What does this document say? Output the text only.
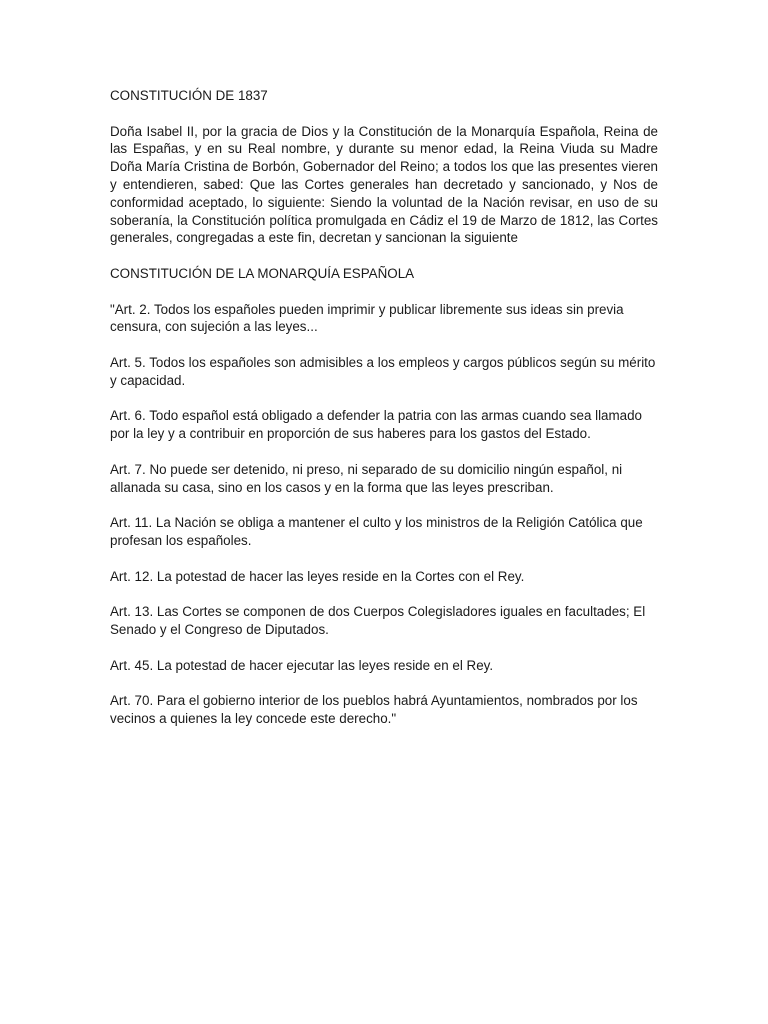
CONSTITUCIÓN DE 1837

Doña Isabel II, por la gracia de Dios y la Constitución de la Monarquía Española, Reina de las Españas, y en su Real nombre, y durante su menor edad, la Reina Viuda su Madre Doña María Cristina de Borbón, Gobernador del Reino; a todos los que las presentes vieren y entendieren, sabed: Que las Cortes generales han decretado y sancionado, y Nos de conformidad aceptado, lo siguiente: Siendo la voluntad de la Nación revisar, en uso de su soberanía, la Constitución política promulgada en Cádiz el 19 de Marzo de 1812, las Cortes generales, congregadas a este fin, decretan y sancionan la siguiente

CONSTITUCIÓN DE LA MONARQUÍA ESPAÑOLA

"Art. 2. Todos los españoles pueden imprimir y publicar libremente sus ideas sin previa censura, con sujeción a las leyes...

Art. 5. Todos los españoles son admisibles a los empleos y cargos públicos según su mérito y capacidad.

Art. 6. Todo español está obligado a defender la patria con las armas cuando sea llamado por la ley y a contribuir en proporción de sus haberes para los gastos del Estado.

Art. 7. No puede ser detenido, ni preso, ni separado de su domicilio ningún español, ni allanada su casa, sino en los casos y en la forma que las leyes prescriban.

Art. 11. La Nación se obliga a mantener el culto y los ministros de la Religión Católica que profesan los españoles.

Art. 12. La potestad de hacer las leyes reside en la Cortes con el Rey.

Art. 13. Las Cortes se componen de dos Cuerpos Colegisladores iguales en facultades; El Senado y el Congreso de Diputados.

Art. 45. La potestad de hacer ejecutar las leyes reside en el Rey.

Art. 70. Para el gobierno interior de los pueblos habrá Ayuntamientos, nombrados por los vecinos a quienes la ley concede este derecho."
